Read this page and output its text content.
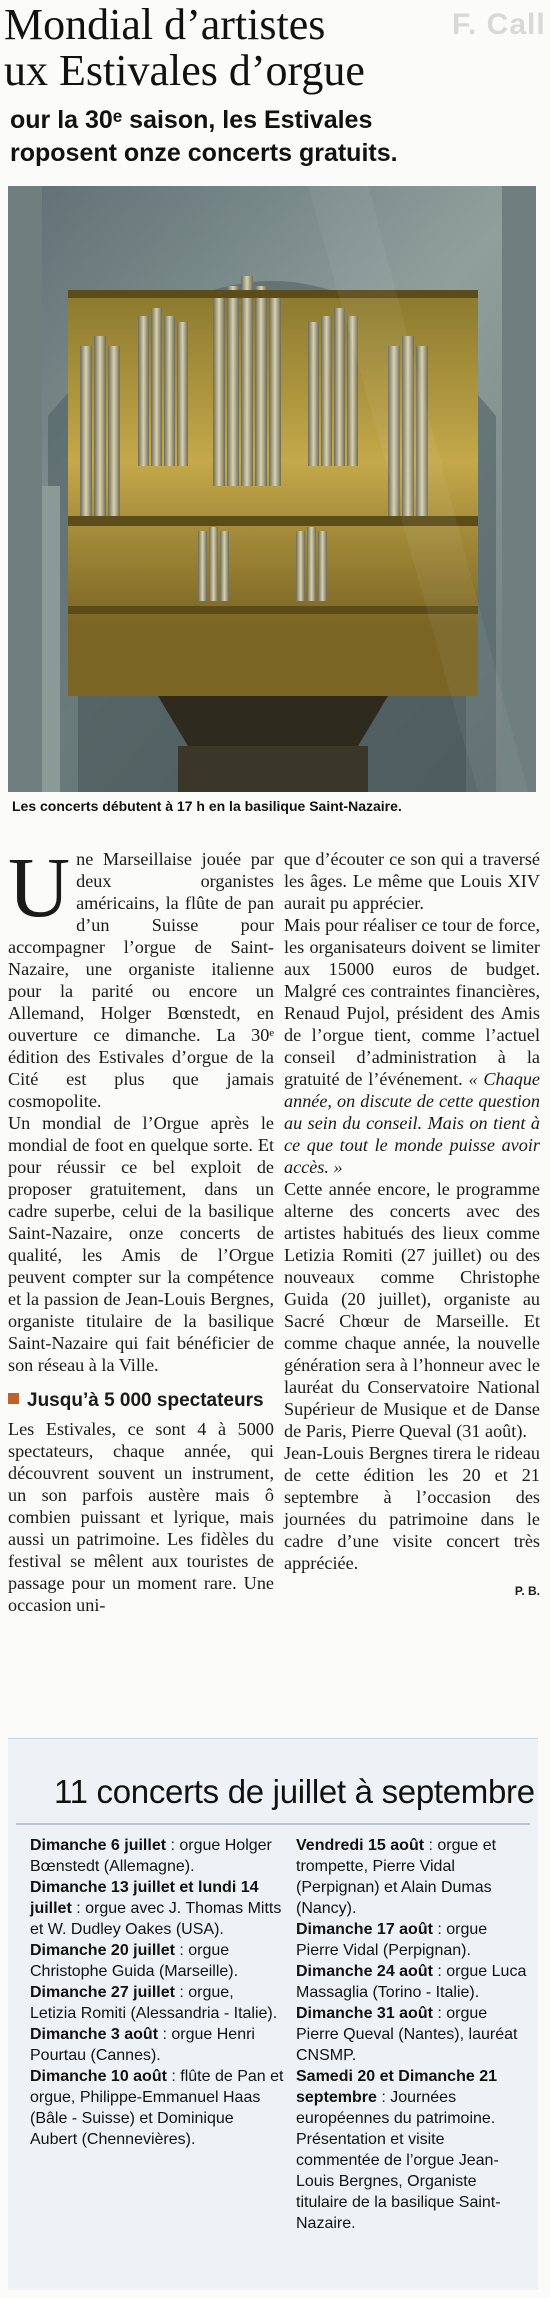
F. Call
Mondial d’artistes
ux Estivales d’orgue
our la 30ᵉ saison, les Estivales
roposent onze concerts gratuits.
Les concerts débutent à 17 h en la basilique Saint-Nazaire.

Une Marseillaise jouée par deux organistes américains, la flûte de pan d’un Suisse pour accompagner l’orgue de Saint-Nazaire, une organiste italienne pour la parité ou encore un Allemand, Holger Bœnstedt, en ouverture ce dimanche. La 30ᵉ édition des Estivales d’orgue de la Cité est plus que jamais cosmopolite.

Un mondial de l’Orgue après le mondial de foot en quelque sorte. Et pour réussir ce bel exploit de proposer gratuitement, dans un cadre superbe, celui de la basilique Saint-Nazaire, onze concerts de qualité, les Amis de l’Orgue peuvent compter sur la compétence et la passion de Jean-Louis Bergnes, organiste titulaire de la basilique Saint-Nazaire qui fait bénéficier de son réseau à la Ville.

Jusqu’à 5 000 spectateurs

Les Estivales, ce sont 4 à 5000 spectateurs, chaque année, qui découvrent souvent un instrument, un son parfois austère mais ô combien puissant et lyrique, mais aussi un patrimoine. Les fidèles du festival se mêlent aux touristes de passage pour un moment rare. Une occasion uni-

que d’écouter ce son qui a traversé les âges. Le même que Louis XIV aurait pu apprécier.

Mais pour réaliser ce tour de force, les organisateurs doivent se limiter aux 15000 euros de budget. Malgré ces contraintes financières, Renaud Pujol, président des Amis de l’orgue tient, comme l’actuel conseil d’administration à la gratuité de l’événement. « Chaque année, on discute de cette question au sein du conseil. Mais on tient à ce que tout le monde puisse avoir accès. »

Cette année encore, le programme alterne des concerts avec des artistes habitués des lieux comme Letizia Romiti (27 juillet) ou des nouveaux comme Christophe Guida (20 juillet), organiste au Sacré Chœur de Marseille. Et comme chaque année, la nouvelle génération sera à l’honneur avec le lauréat du Conservatoire National Supérieur de Musique et de Danse de Paris, Pierre Queval (31 août).

Jean-Louis Bergnes tirera le rideau de cette édition les 20 et 21 septembre à l’occasion des journées du patrimoine dans le cadre d’une visite concert très appréciée.

P. B.
11 concerts de juillet à septembre
Dimanche 6 juillet : orgue Holger Bœnstedt (Allemagne).
Dimanche 13 juillet et lundi 14 juillet : orgue avec J. Thomas Mitts et W. Dudley Oakes (USA).
Dimanche 20 juillet : orgue Christophe Guida (Marseille).
Dimanche 27 juillet : orgue, Letizia Romiti (Alessandria - Italie).
Dimanche 3 août : orgue Henri Pourtau (Cannes).
Dimanche 10 août : flûte de Pan et orgue, Philippe-Emmanuel Haas (Bâle - Suisse) et Dominique Aubert (Chennevières).
Vendredi 15 août : orgue et trompette, Pierre Vidal (Perpignan) et Alain Dumas (Nancy).
Dimanche 17 août : orgue Pierre Vidal (Perpignan).
Dimanche 24 août : orgue Luca Massaglia (Torino - Italie).
Dimanche 31 août : orgue Pierre Queval (Nantes), lauréat CNSMP.
Samedi 20 et Dimanche 21 septembre : Journées européennes du patrimoine. Présentation et visite commentée de l’orgue Jean-Louis Bergnes, Organiste titulaire de la basilique Saint-Nazaire.
